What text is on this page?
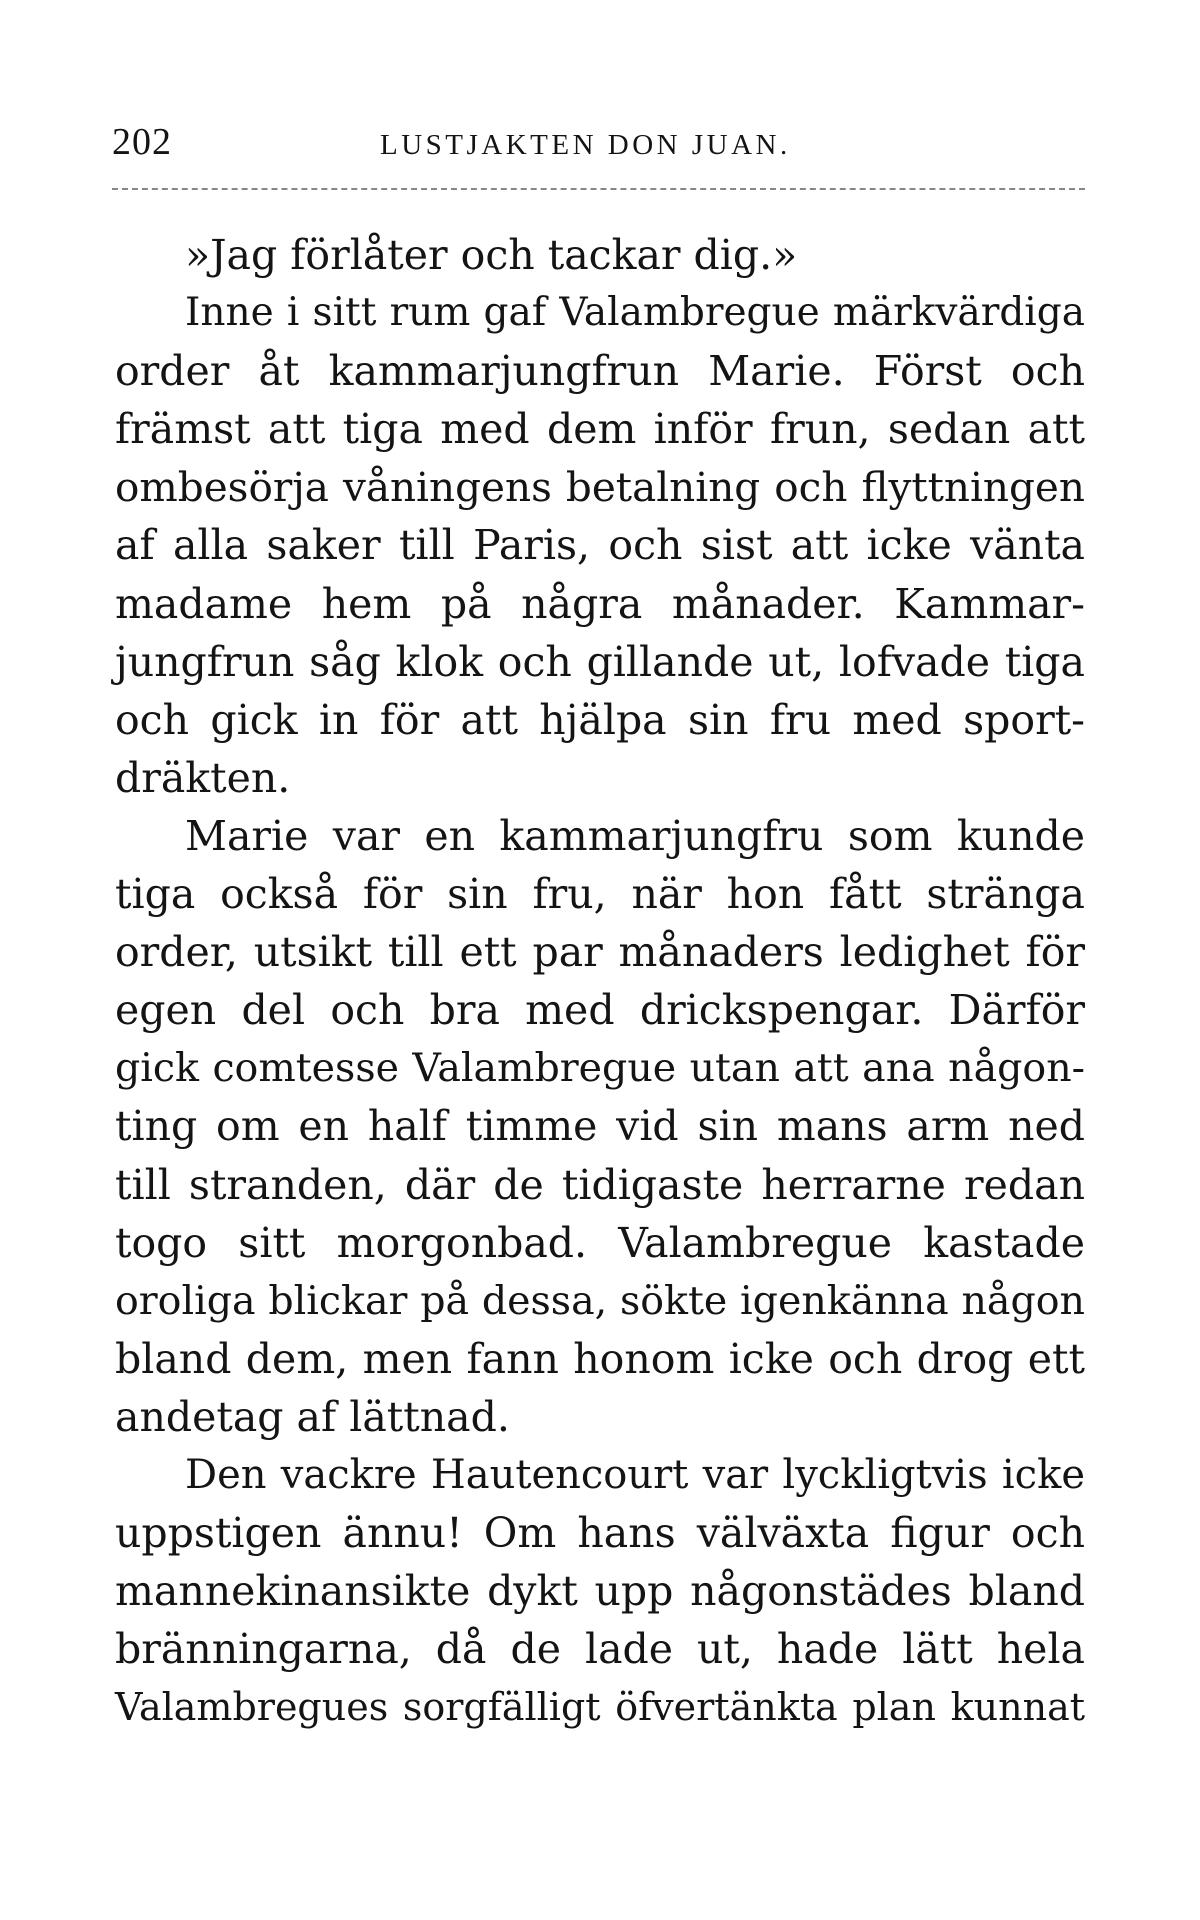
202	LUSTJAKTEN DON JUAN.
»Jag förlåter och tackar dig.»
Inne i sitt rum gaf Valambregue märkvärdiga
order åt kammarjungfrun Marie. Först och
främst att tiga med dem inför frun, sedan att
ombesörja våningens betalning och flyttningen
af alla saker till Paris, och sist att icke vänta
madame hem på några månader. Kammar-
jungfrun såg klok och gillande ut, lofvade tiga
och gick in för att hjälpa sin fru med sport-
dräkten.
Marie var en kammarjungfru som kunde
tiga också för sin fru, när hon fått stränga
order, utsikt till ett par månaders ledighet för
egen del och bra med drickspengar. Därför
gick comtesse Valambregue utan att ana någon-
ting om en half timme vid sin mans arm ned
till stranden, där de tidigaste herrarne redan
togo sitt morgonbad. Valambregue kastade
oroliga blickar på dessa, sökte igenkänna någon
bland dem, men fann honom icke och drog ett
andetag af lättnad.
Den vackre Hautencourt var lyckligtvis icke
uppstigen ännu! Om hans välväxta figur och
mannekinansikte dykt upp någonstädes bland
bränningarna, då de lade ut, hade lätt hela
Valambregues sorgfälligt öfvertänkta plan kunnat
